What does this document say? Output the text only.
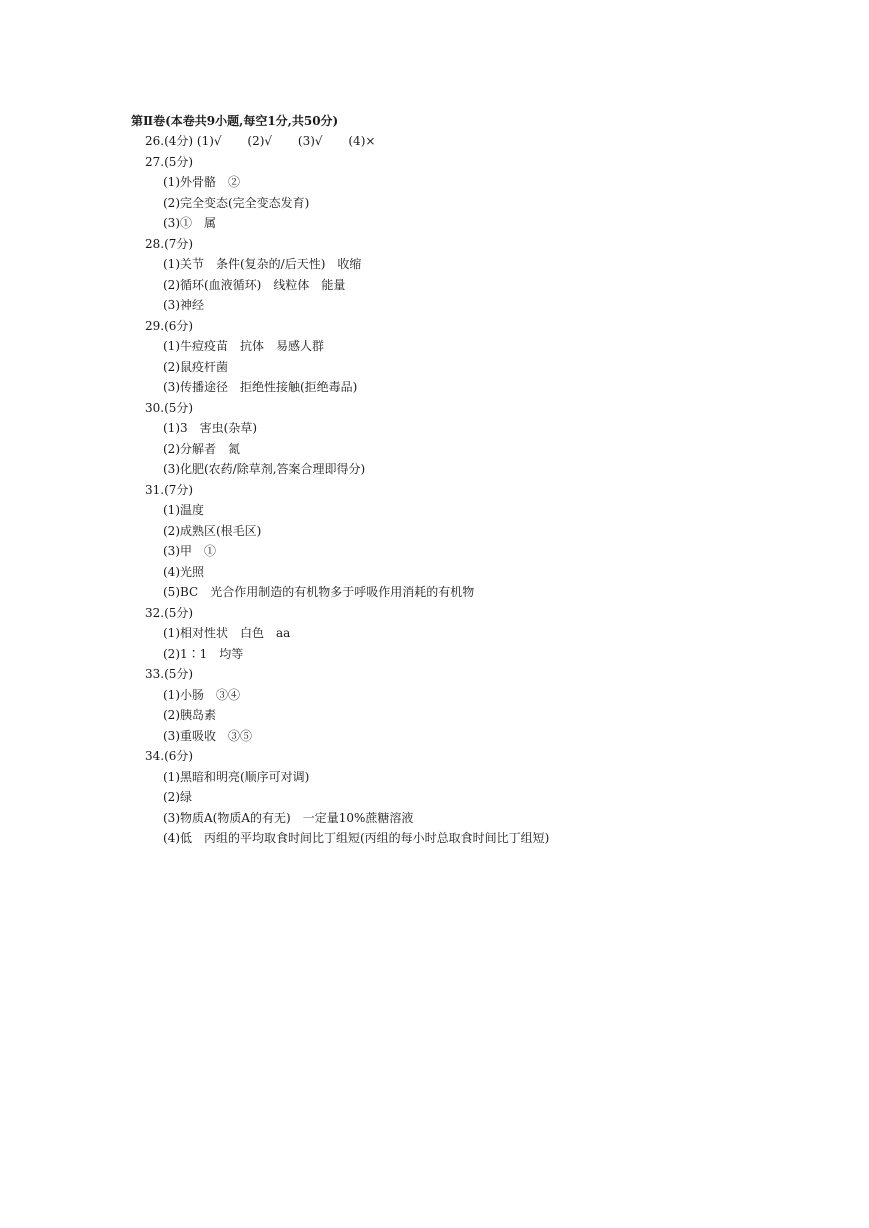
第Ⅱ卷(本卷共9小题,每空1分,共50分)
26.(4分) (1)√ (2)√ (3)√ (4)×
27.(5分)
(1)外骨骼　②
(2)完全变态(完全变态发育)
(3)①　属
28.(7分)
(1)关节　条件(复杂的/后天性)　收缩
(2)循环(血液循环)　线粒体　能量
(3)神经
29.(6分)
(1)牛痘疫苗　抗体　易感人群
(2)鼠疫杆菌
(3)传播途径　拒绝性接触(拒绝毒品)
30.(5分)
(1)3　害虫(杂草)
(2)分解者　氮
(3)化肥(农药/除草剂,答案合理即得分)
31.(7分)
(1)温度
(2)成熟区(根毛区)
(3)甲　①
(4)光照
(5)BC　光合作用制造的有机物多于呼吸作用消耗的有机物
32.(5分)
(1)相对性状　白色　aa
(2)1∶1　均等
33.(5分)
(1)小肠　③④
(2)胰岛素
(3)重吸收　③⑤
34.(6分)
(1)黑暗和明亮(顺序可对调)
(2)绿
(3)物质A(物质A的有无)　一定量10%蔗糖溶液
(4)低　丙组的平均取食时间比丁组短(丙组的每小时总取食时间比丁组短)
